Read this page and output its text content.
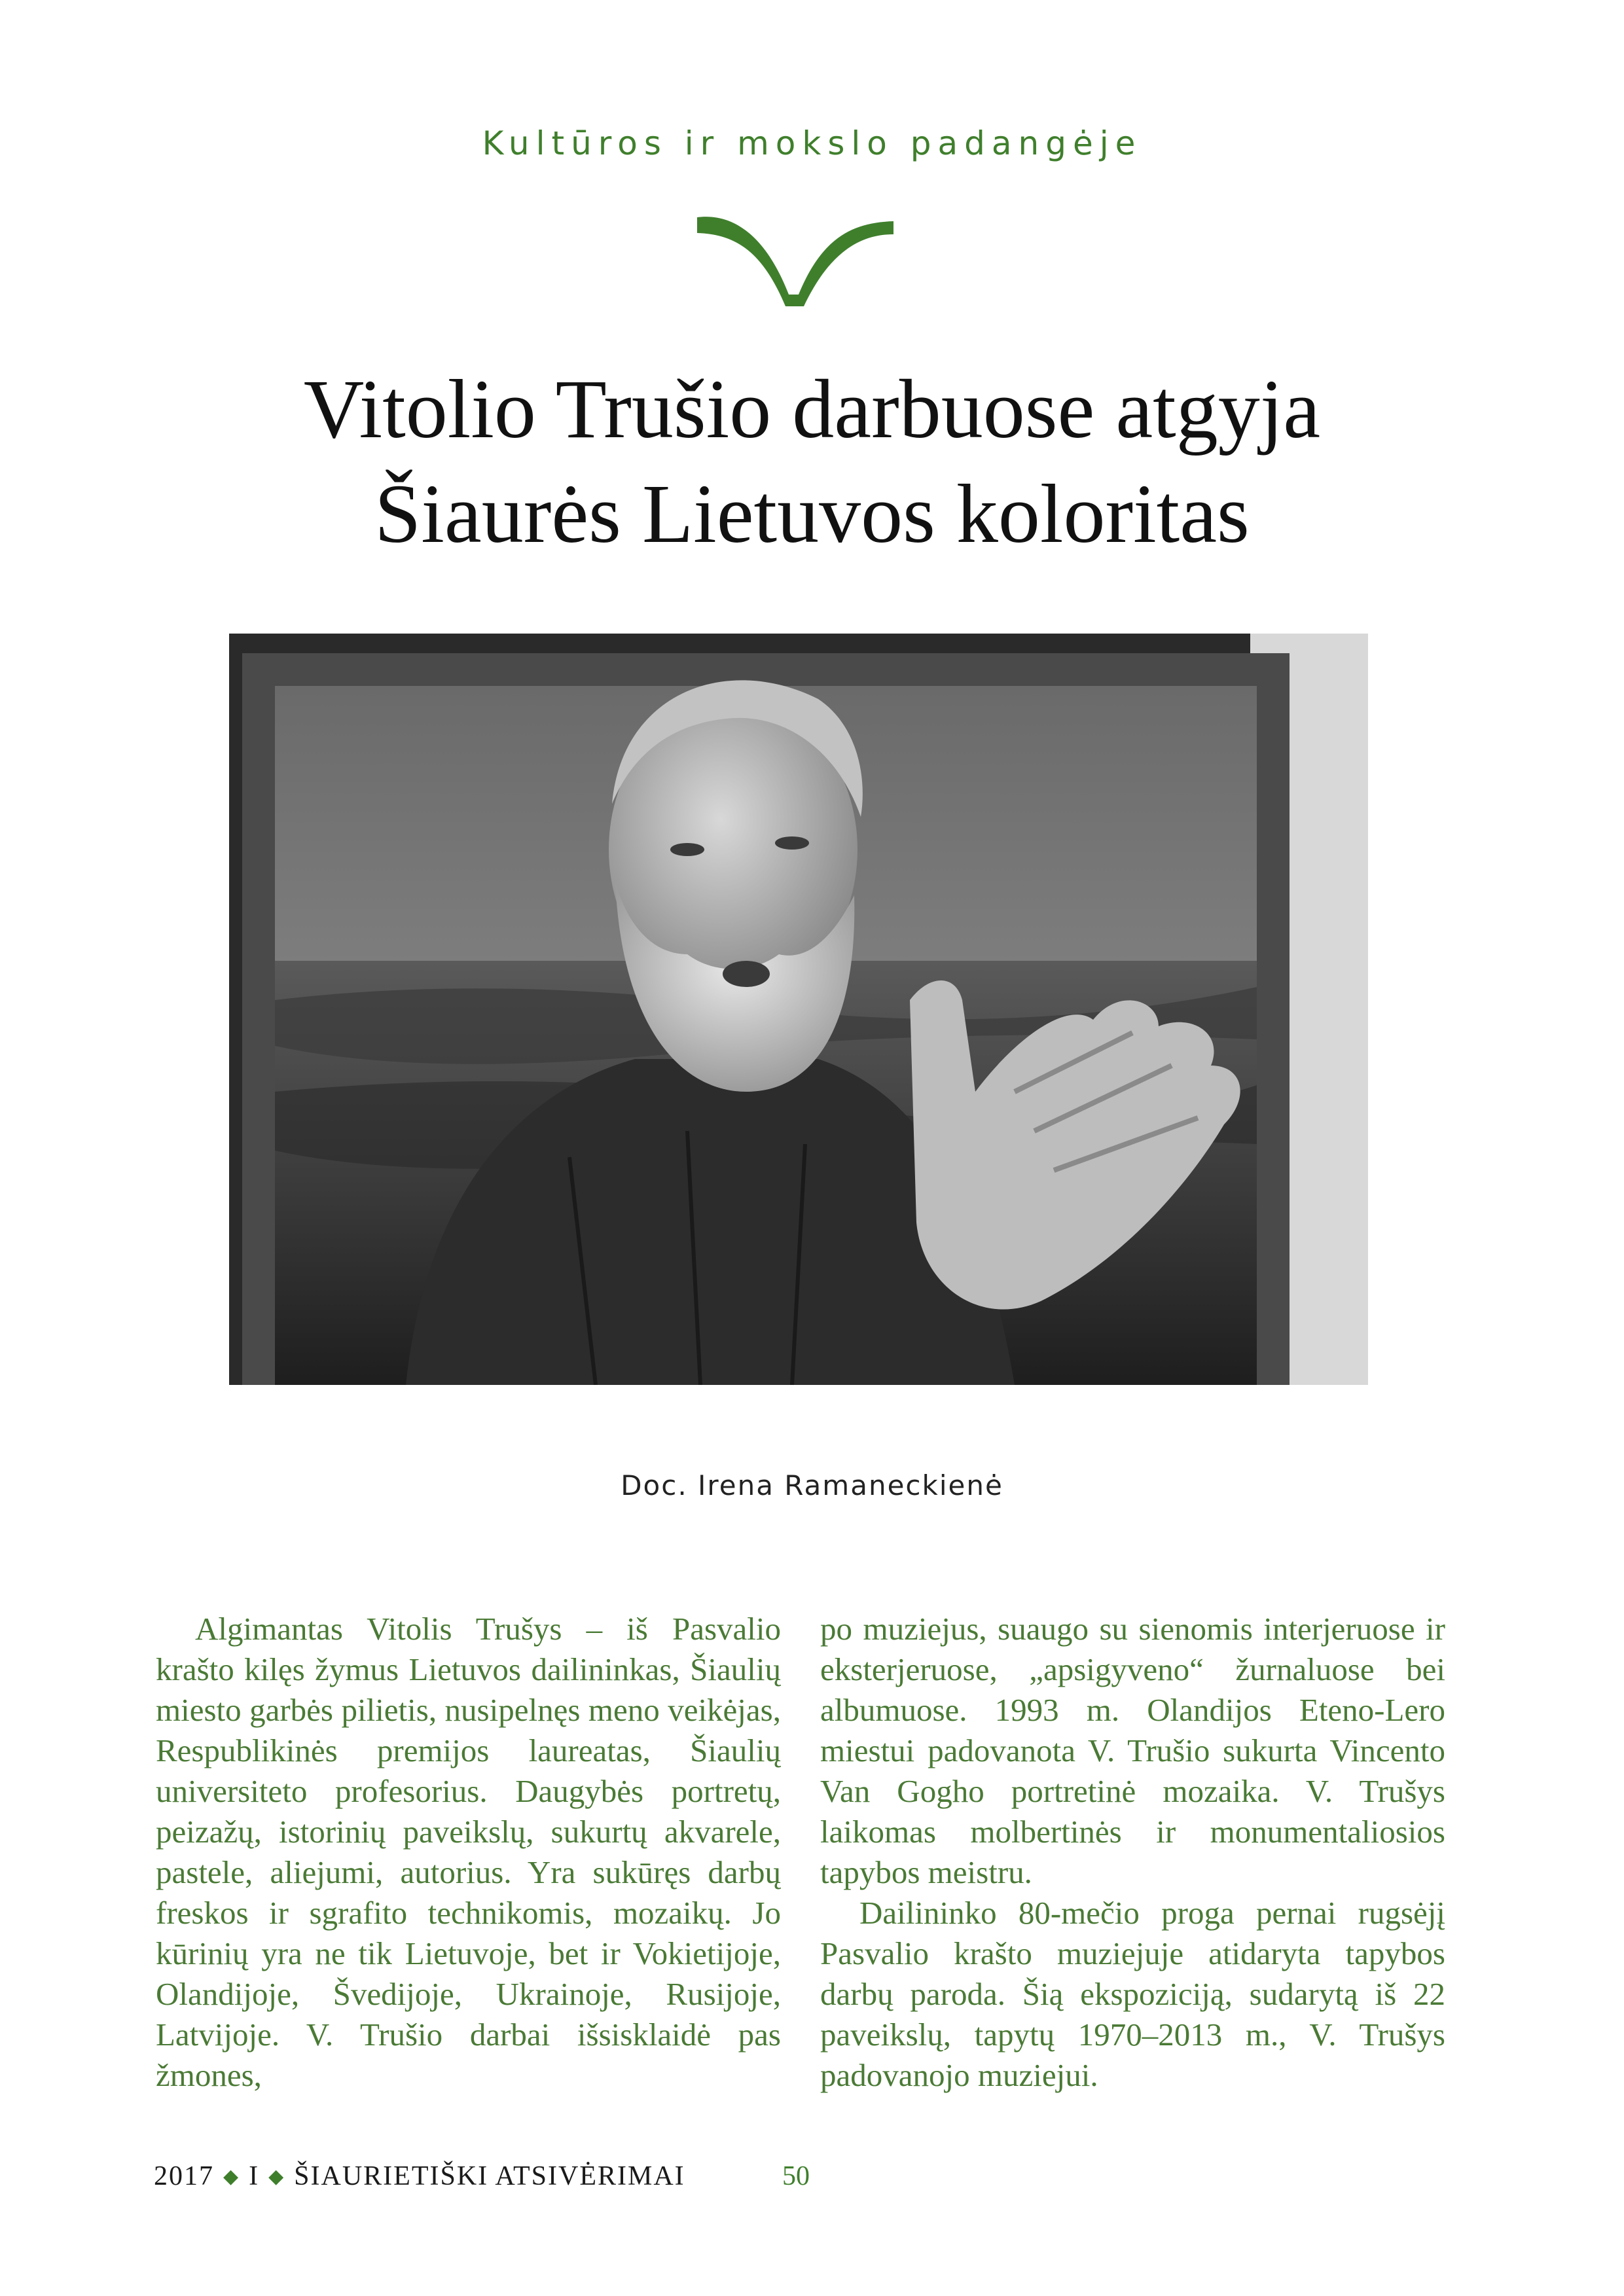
Kultūros ir mokslo padangėje
Vitolio Trušio darbuose atgyja
Šiaurės Lietuvos koloritas
Doc. Irena Ramaneckienė

Algimantas Vitolis Trušys – iš Pasvalio krašto kilęs žymus Lietuvos dailininkas, Šiaulių miesto garbės pilietis, nusipelnęs meno veikėjas, Respublikinės premijos laureatas, Šiaulių universiteto profesorius. Daugybės portretų, peizažų, istorinių paveikslų, sukurtų akvarele, pastele, aliejumi, autorius. Yra sukūręs darbų freskos ir sgrafito technikomis, mozaikų. Jo kūrinių yra ne tik Lietuvoje, bet ir Vokietijoje, Olandijoje, Švedijoje, Ukrainoje, Rusijoje, Latvijoje. V. Trušio darbai išsisklaidė pas žmones,

po muziejus, suaugo su sienomis interjeruose ir eksterjeruose, „apsigyveno“ žurnaluose bei albumuose. 1993 m. Olandijos Eteno-Lero miestui padovanota V. Trušio sukurta Vincento Van Gogho portretinė mozaika. V. Trušys laikomas molbertinės ir monumentaliosios tapybos meistru.

Dailininko 80-mečio proga pernai rugsėjį Pasvalio krašto muziejuje atidaryta tapybos darbų paroda. Šią ekspoziciją, sudarytą iš 22 paveikslų, tapytų 1970–2013 m., V. Trušys padovanojo muziejui.

2017 ◆ I ◆ ŠIAURIETIŠKI ATSIVĖRIMAI	50
